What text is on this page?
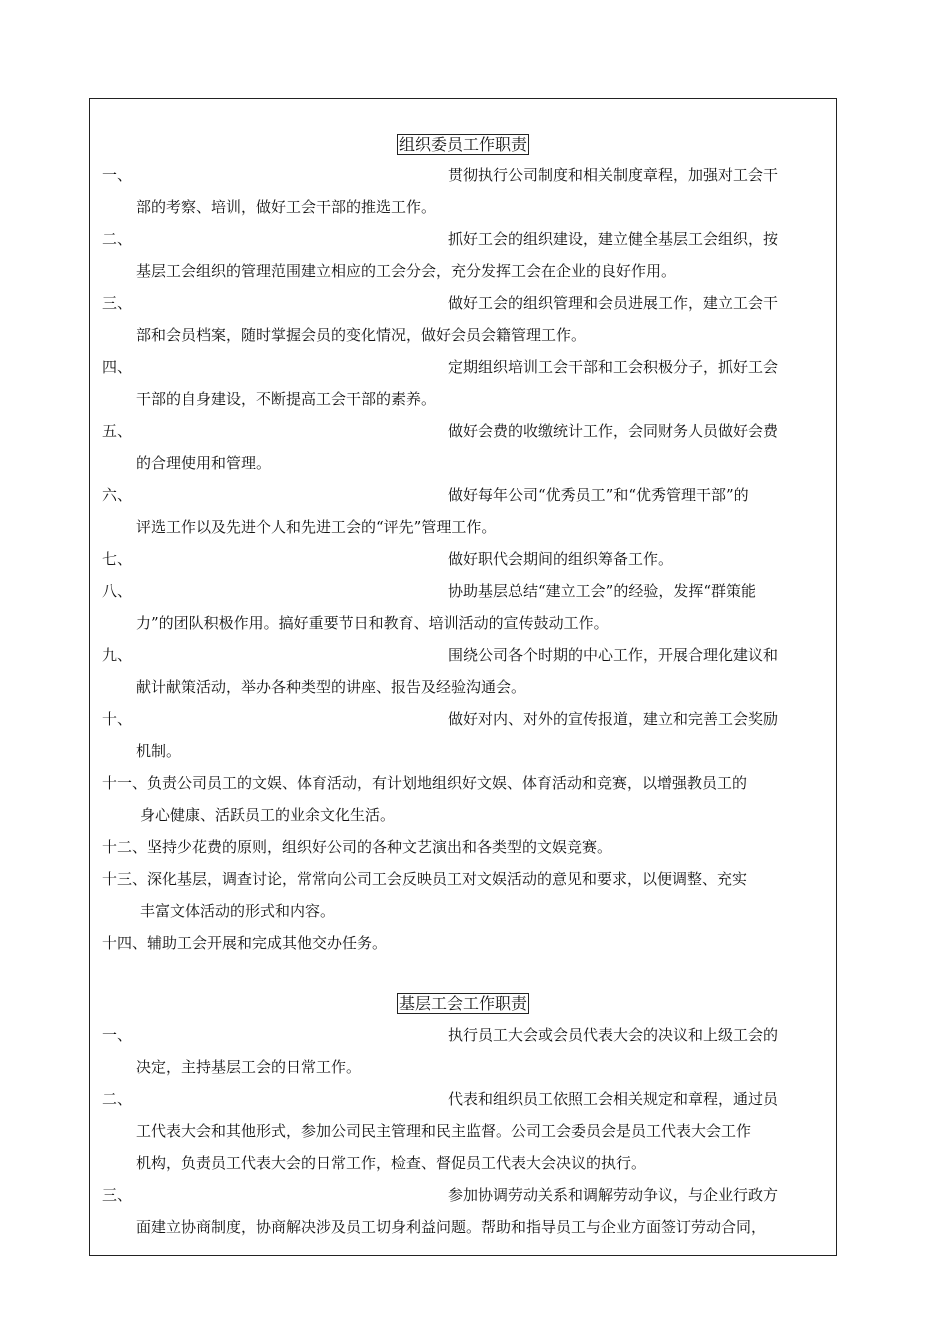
组织委员工作职责
一、	贯彻执行公司制度和相关制度章程，加强对工会干
部的考察、培训，做好工会干部的推选工作。
二、	抓好工会的组织建设，建立健全基层工会组织，按
基层工会组织的管理范围建立相应的工会分会，充分发挥工会在企业的良好作用。
三、	做好工会的组织管理和会员进展工作，建立工会干
部和会员档案，随时掌握会员的变化情况，做好会员会籍管理工作。
四、	定期组织培训工会干部和工会积极分子，抓好工会
干部的自身建设，不断提高工会干部的素养。
五、	做好会费的收缴统计工作，会同财务人员做好会费
的合理使用和管理。
六、	做好每年公司“优秀员工”和“优秀管理干部”的
评选工作以及先进个人和先进工会的“评先”管理工作。
七、	做好职代会期间的组织筹备工作。
八、	协助基层总结“建立工会”的经验，发挥“群策能
力”的团队积极作用。搞好重要节日和教育、培训活动的宣传鼓动工作。
九、	围绕公司各个时期的中心工作，开展合理化建议和
献计献策活动，举办各种类型的讲座、报告及经验沟通会。
十、	做好对内、对外的宣传报道，建立和完善工会奖励
机制。
十一、负责公司员工的文娱、体育活动，有计划地组织好文娱、体育活动和竞赛，以增强教员工的
身心健康、活跃员工的业余文化生活。
十二、坚持少花费的原则，组织好公司的各种文艺演出和各类型的文娱竞赛。
十三、深化基层，调查讨论，常常向公司工会反映员工对文娱活动的意见和要求，以便调整、充实
丰富文体活动的形式和内容。
十四、辅助工会开展和完成其他交办任务。
基层工会工作职责
一、	执行员工大会或会员代表大会的决议和上级工会的
决定，主持基层工会的日常工作。
二、	代表和组织员工依照工会相关规定和章程，通过员
工代表大会和其他形式，参加公司民主管理和民主监督。公司工会委员会是员工代表大会工作
机构，负责员工代表大会的日常工作，检查、督促员工代表大会决议的执行。
三、	参加协调劳动关系和调解劳动争议，与企业行政方
面建立协商制度，协商解决涉及员工切身利益问题。帮助和指导员工与企业方面签订劳动合同，
